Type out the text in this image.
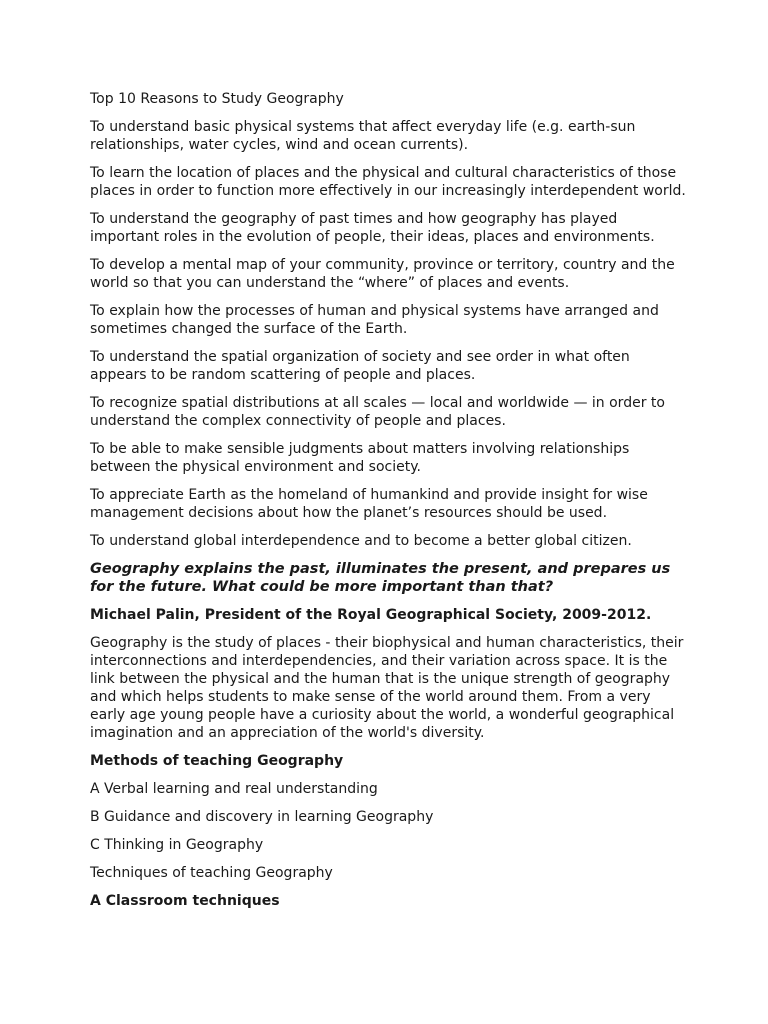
Top 10 Reasons to Study Geography

To understand basic physical systems that affect everyday life (e.g. earth-sun relationships, water cycles, wind and ocean currents).

To learn the location of places and the physical and cultural characteristics of those places in order to function more effectively in our increasingly interdependent world.

To understand the geography of past times and how geography has played important roles in the evolution of people, their ideas, places and environments.

To develop a mental map of your community, province or territory, country and the world so that you can understand the “where” of places and events.

To explain how the processes of human and physical systems have arranged and sometimes changed the surface of the Earth.

To understand the spatial organization of society and see order in what often appears to be random scattering of people and places.

To recognize spatial distributions at all scales — local and worldwide — in order to understand the complex connectivity of people and places.

To be able to make sensible judgments about matters involving relationships between the physical environment and society.

To appreciate Earth as the homeland of humankind and provide insight for wise management decisions about how the planet’s resources should be used.

To understand global interdependence and to become a better global citizen.

Geography explains the past, illuminates the present, and prepares us for the future. What could be more important than that?

Michael Palin, President of the Royal Geographical Society, 2009-2012.

Geography is the study of places - their biophysical and human characteristics, their interconnections and interdependencies, and their variation across space. It is the link between the physical and the human that is the unique strength of geography and which helps students to make sense of the world around them. From a very early age young people have a curiosity about the world, a wonderful geographical imagination and an appreciation of the world's diversity.

Methods of teaching Geography

A Verbal learning and real understanding

B Guidance and discovery in learning Geography

C Thinking in Geography

Techniques of teaching Geography

A Classroom techniques
